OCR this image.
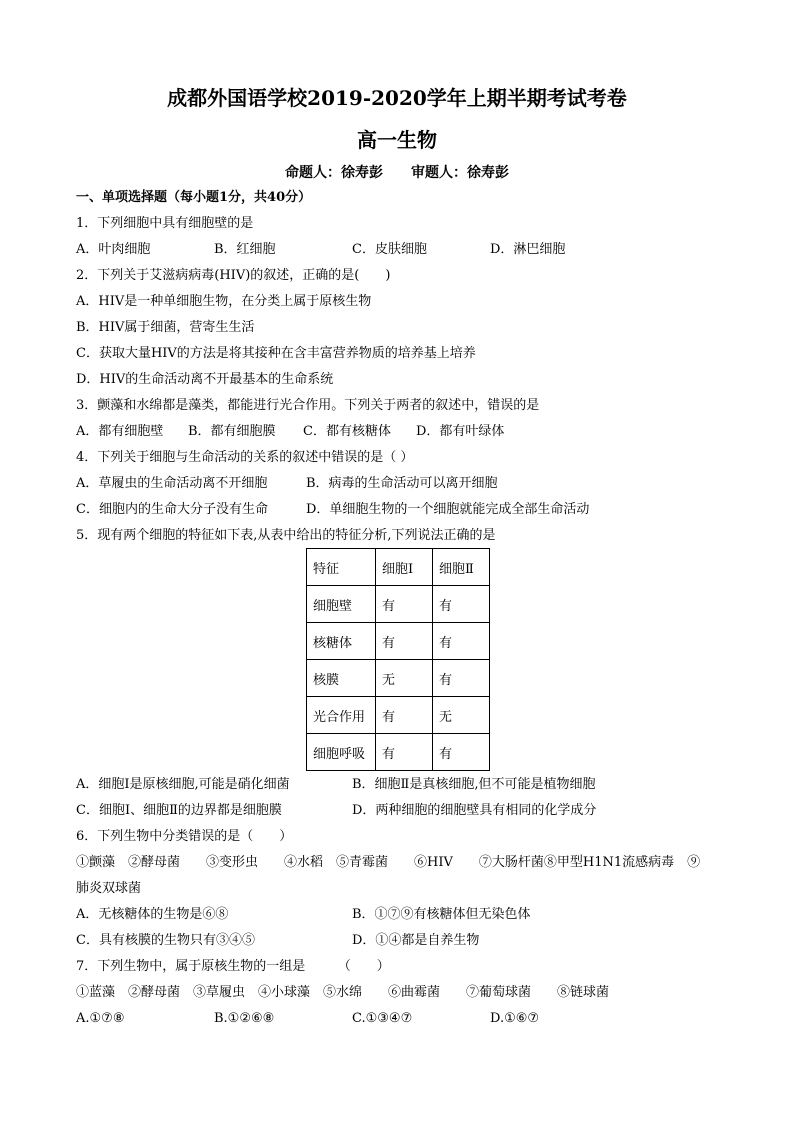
成都外国语学校2019-2020学年上期半期考试考卷
高一生物
命题人：徐寿彭　　审题人：徐寿彭
一、单项选择题（每小题1分，共40分）
1．下列细胞中具有细胞壁的是
A．叶肉细胞	B．红细胞	C．皮肤细胞	D．淋巴细胞
2．下列关于艾滋病病毒(HIV)的叙述，正确的是(　　)
A．HIV是一种单细胞生物，在分类上属于原核生物
B．HIV属于细菌，营寄生生活
C．获取大量HIV的方法是将其接种在含丰富营养物质的培养基上培养
D．HIV的生命活动离不开最基本的生命系统
3．颤藻和水绵都是藻类，都能进行光合作用。下列关于两者的叙述中，错误的是
A．都有细胞壁 B．都有细胞膜 C．都有核糖体 D．都有叶绿体
4．下列关于细胞与生命活动的关系的叙述中错误的是（ ）
A．草履虫的生命活动离不开细胞	B．病毒的生命活动可以离开细胞
C．细胞内的生命大分子没有生命	D．单细胞生物的一个细胞就能完成全部生命活动
5．现有两个细胞的特征如下表,从表中给出的特征分析,下列说法正确的是
特征	细胞Ⅰ	细胞Ⅱ
细胞壁	有	有
核糖体	有	有
核膜	无	有
光合作用	有	无
细胞呼吸	有	有
A．细胞Ⅰ是原核细胞,可能是硝化细菌	B．细胞Ⅱ是真核细胞,但不可能是植物细胞
C．细胞Ⅰ、细胞Ⅱ的边界都是细胞膜	D．两种细胞的细胞壁具有相同的化学成分
6．下列生物中分类错误的是（　　）
①颤藻　②酵母菌　　③变形虫　　④水稻　⑤青霉菌　　⑥HIV　　⑦大肠杆菌⑧甲型H1N1流感病毒　⑨
肺炎双球菌
A．无核糖体的生物是⑥⑧	B．①⑦⑨有核糖体但无染色体
C．具有核膜的生物只有③④⑤	D．①④都是自养生物
7．下列生物中，属于原核生物的一组是　　　（　　）
①蓝藻　②酵母菌　③草履虫　④小球藻　⑤水绵　　⑥曲霉菌　　⑦葡萄球菌　　⑧链球菌
A.①⑦⑧	B.①②⑥⑧	C.①③④⑦	D.①⑥⑦
